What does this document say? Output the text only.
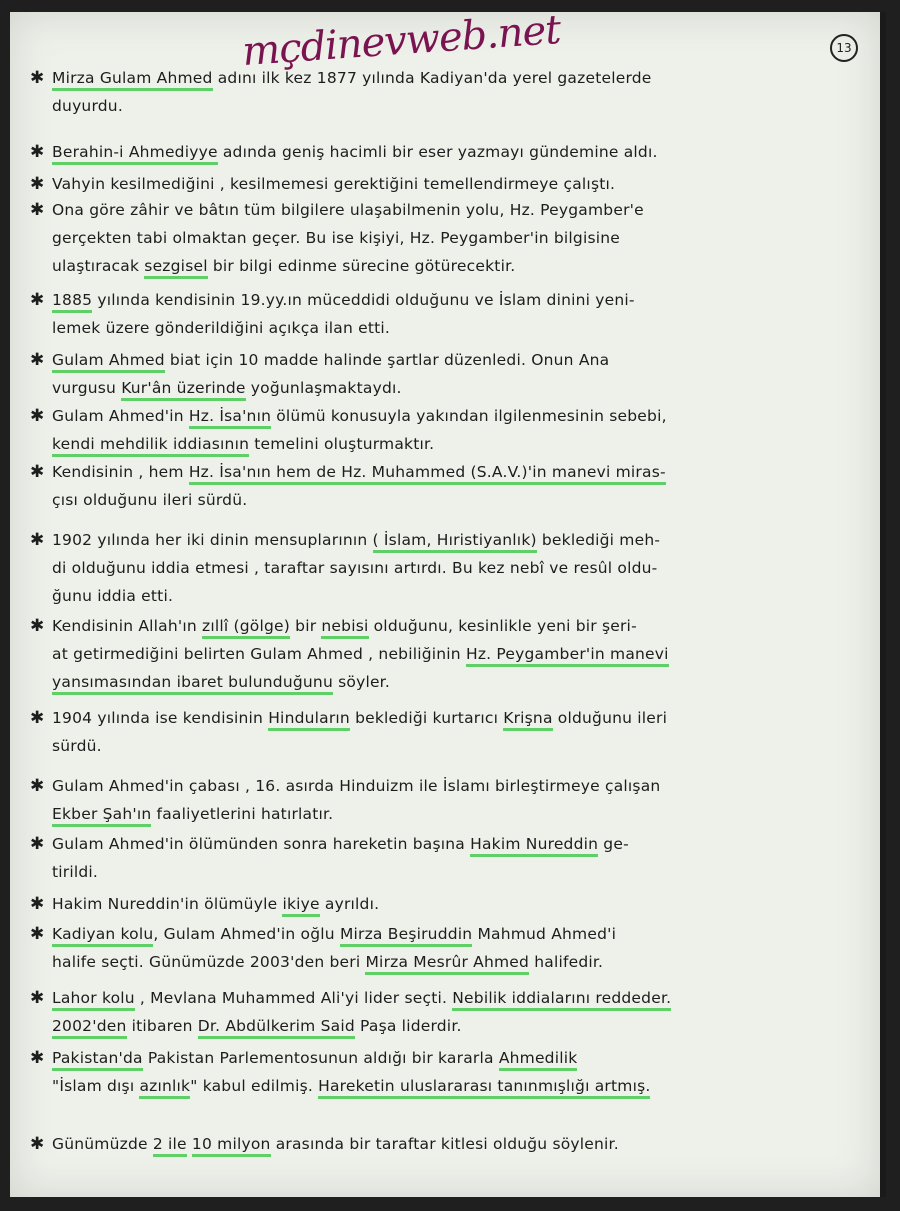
mçdinevweb.net	13
✱ Mirza Gulam Ahmed adını ilk kez 1877 yılında Kadiyan'da yerel gazetelerde
duyurdu.
✱ Berahin-i Ahmediyye adında geniş hacimli bir eser yazmayı gündemine aldı.
✱ Vahyin kesilmediğini , kesilmemesi gerektiğini temellendirmeye çalıştı.
✱ Ona göre zâhir ve bâtın tüm bilgilere ulaşabilmenin yolu, Hz. Peygamber'e
gerçekten tabi olmaktan geçer. Bu ise kişiyi, Hz. Peygamber'in bilgisine
ulaştıracak sezgisel bir bilgi edinme sürecine götürecektir.
✱ 1885 yılında kendisinin 19.yy.ın müceddidi olduğunu ve İslam dinini yeni-
lemek üzere gönderildiğini açıkça ilan etti.
✱ Gulam Ahmed biat için 10 madde halinde şartlar düzenledi. Onun Ana
vurgusu Kur'ân üzerinde yoğunlaşmaktaydı.
✱ Gulam Ahmed'in Hz. İsa'nın ölümü konusuyla yakından ilgilenmesinin sebebi,
kendi mehdilik iddiasının temelini oluşturmaktır.
✱ Kendisinin , hem Hz. İsa'nın hem de Hz. Muhammed (S.A.V.)'in manevi miras-
çısı olduğunu ileri sürdü.
✱ 1902 yılında her iki dinin mensuplarının ( İslam, Hıristiyanlık) beklediği meh-
di olduğunu iddia etmesi , taraftar sayısını artırdı. Bu kez nebî ve resûl oldu-
ğunu iddia etti.
✱ Kendisinin Allah'ın zıllî (gölge) bir nebisi olduğunu, kesinlikle yeni bir şeri-
at getirmediğini belirten Gulam Ahmed , nebiliğinin Hz. Peygamber'in manevi
yansımasından ibaret bulunduğunu söyler.
✱ 1904 yılında ise kendisinin Hinduların beklediği kurtarıcı Krişna olduğunu ileri
sürdü.
✱ Gulam Ahmed'in çabası , 16. asırda Hinduizm ile İslamı birleştirmeye çalışan
Ekber Şah'ın faaliyetlerini hatırlatır.
✱ Gulam Ahmed'in ölümünden sonra hareketin başına Hakim Nureddin ge-
tirildi.
✱ Hakim Nureddin'in ölümüyle ikiye ayrıldı.
✱ Kadiyan kolu, Gulam Ahmed'in oğlu Mirza Beşiruddin Mahmud Ahmed'i
halife seçti. Günümüzde 2003'den beri Mirza Mesrûr Ahmed halifedir.
✱ Lahor kolu , Mevlana Muhammed Ali'yi lider seçti. Nebilik iddialarını reddeder.
2002'den itibaren Dr. Abdülkerim Said Paşa liderdir.
✱ Pakistan'da Pakistan Parlementosunun aldığı bir kararla Ahmedilik
"İslam dışı azınlık" kabul edilmiş. Hareketin uluslararası tanınmışlığı artmış.
✱ Günümüzde 2 ile 10 milyon arasında bir taraftar kitlesi olduğu söylenir.
